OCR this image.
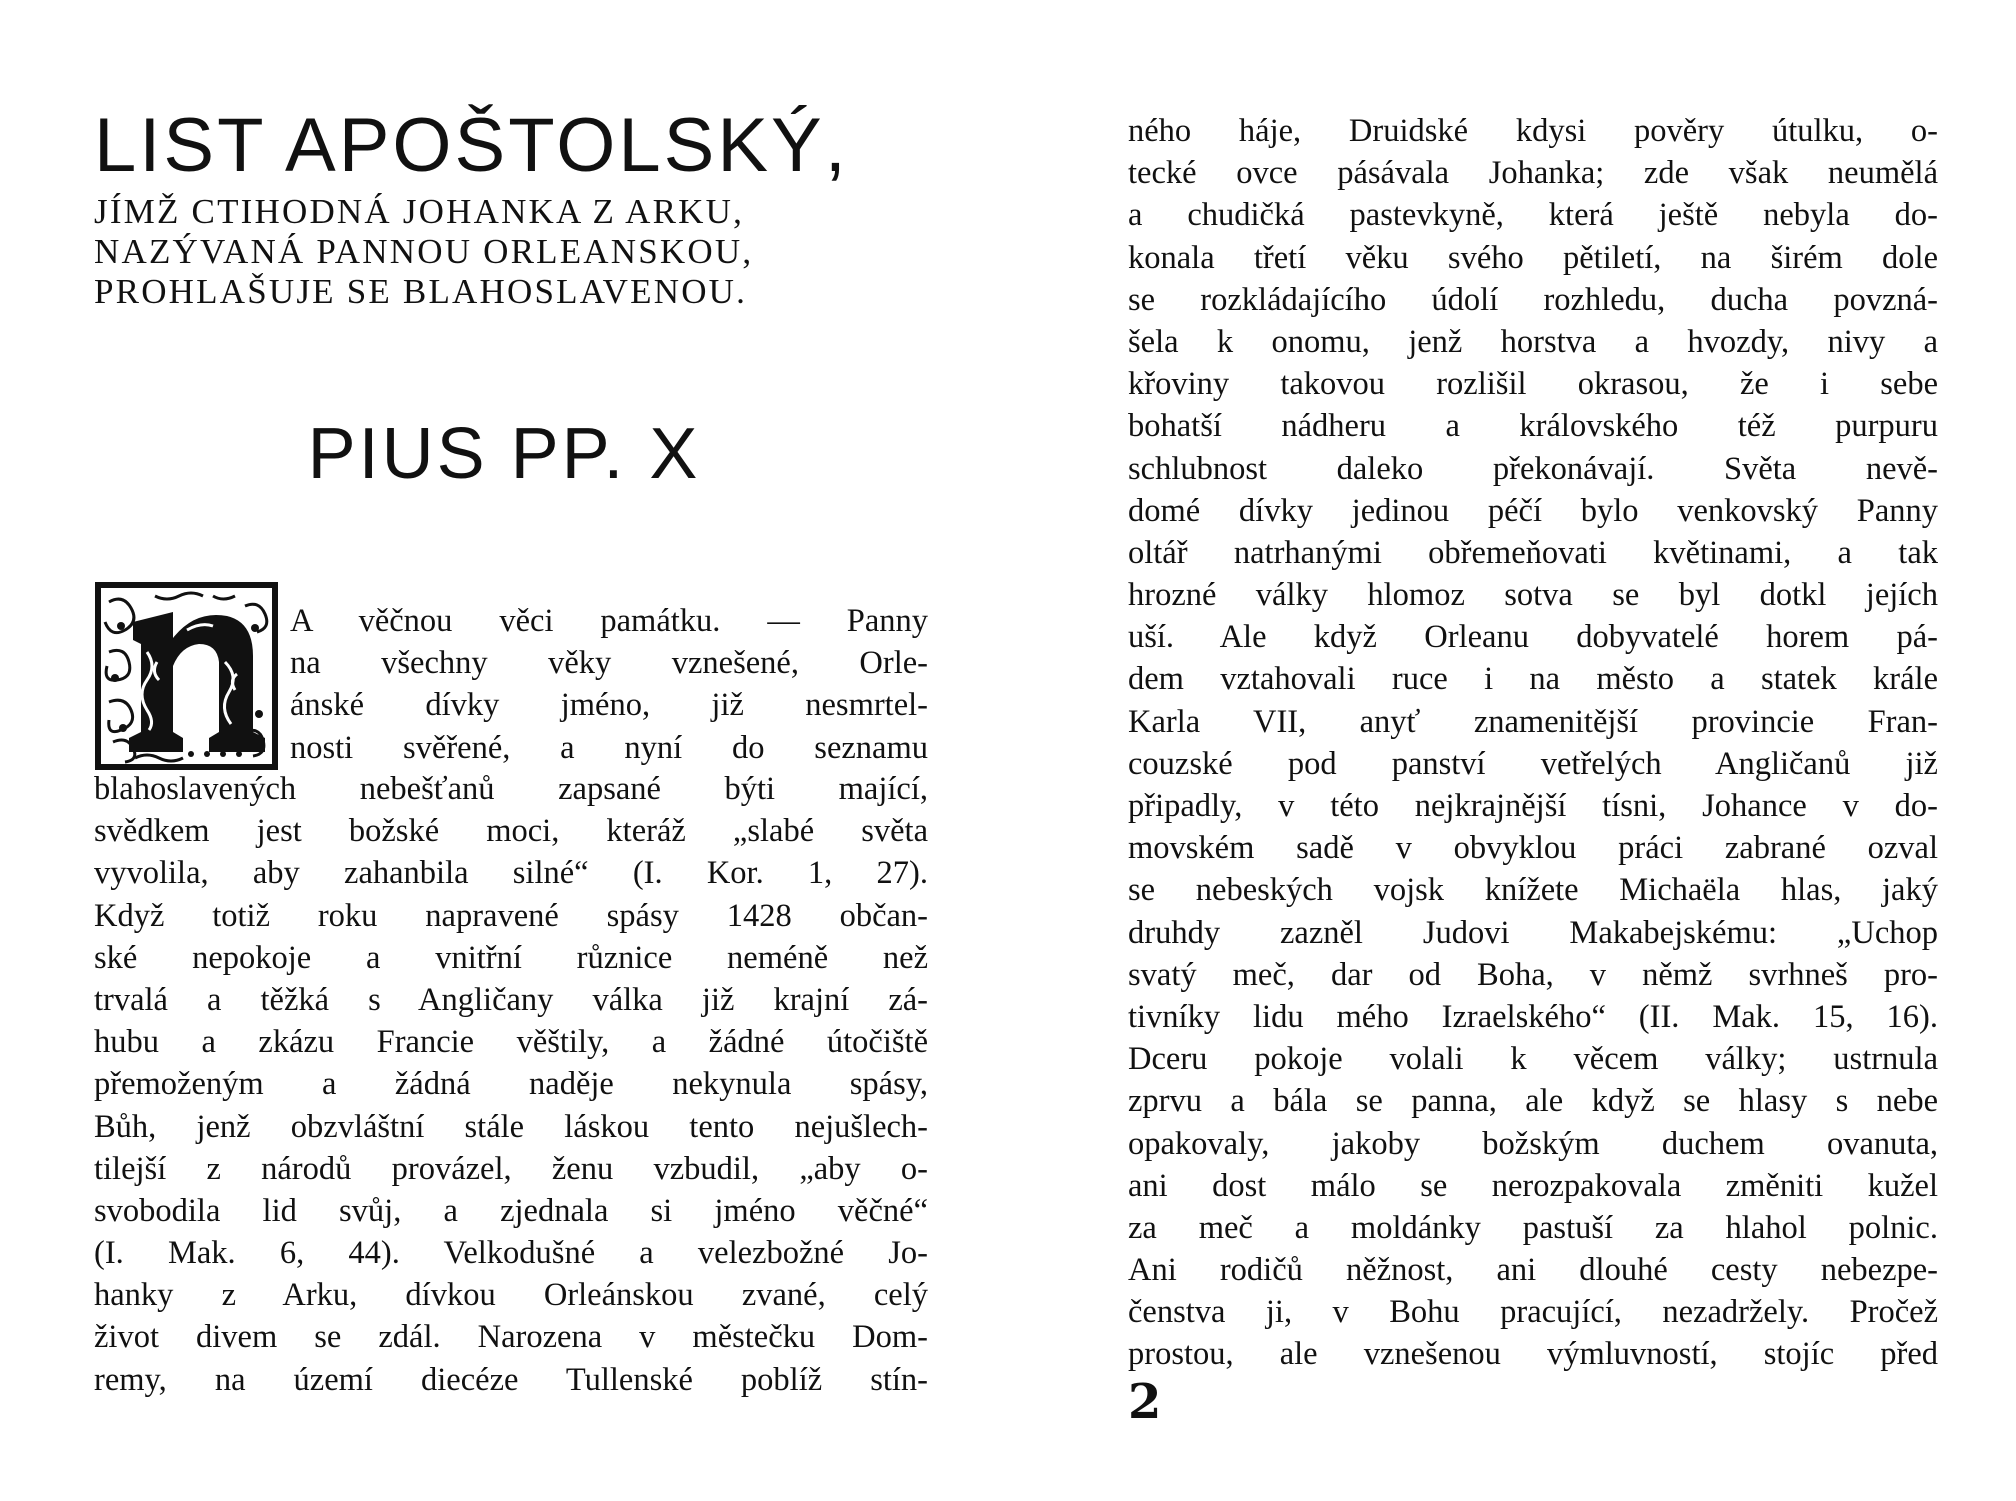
LIST APOŠTOLSKÝ,
JÍMŽ CTIHODNÁ JOHANKA Z ARKU,
NAZÝVANÁ PANNOU ORLEANSKOU,
PROHLAŠUJE SE BLAHOSLAVENOU.
PIUS PP. X
A věčnou věci památku. — Panny
na všechny věky vznešené, Orle-
ánské dívky jméno, již nesmrtel-
nosti svěřené, a nyní do seznamu
blahoslavených nebešťanů zapsané býti mající,
svědkem jest božské moci, kteráž „slabé světa
vyvolila, aby zahanbila silné“ (I. Kor. 1, 27).
Když totiž roku napravené spásy 1428 občan-
ské nepokoje a vnitřní různice neméně než
trvalá a těžká s Angličany válka již krajní zá-
hubu a zkázu Francie věštily, a žádné útočiště
přemoženým a žádná naděje nekynula spásy,
Bůh, jenž obzvláštní stále láskou tento nejušlech-
tilejší z národů provázel, ženu vzbudil, „aby o-
svobodila lid svůj, a zjednala si jméno věčné“
(I. Mak. 6, 44). Velkodušné a velezbožné Jo-
hanky z Arku, dívkou Orleánskou zvané, celý
život divem se zdál. Narozena v městečku Dom-
remy, na území diecéze Tullenské poblíž stín-
ného háje, Druidské kdysi pověry útulku, o-
tecké ovce pásávala Johanka; zde však neumělá
a chudičká pastevkyně, která ještě nebyla do-
konala třetí věku svého pětiletí, na širém dole
se rozkládajícího údolí rozhledu, ducha povzná-
šela k onomu, jenž horstva a hvozdy, nivy a
křoviny takovou rozlišil okrasou, že i sebe
bohatší nádheru a královského též purpuru
schlubnost daleko překonávají. Světa nevě-
domé dívky jedinou péčí bylo venkovský Panny
oltář natrhanými obřemeňovati květinami, a tak
hrozné války hlomoz sotva se byl dotkl jejích
uší. Ale když Orleanu dobyvatelé horem pá-
dem vztahovali ruce i na město a statek krále
Karla VII, anyť znamenitější provincie Fran-
couzské pod panství vetřelých Angličanů již
připadly, v této nejkrajnější tísni, Johance v do-
movském sadě v obvyklou práci zabrané ozval
se nebeských vojsk knížete Michaëla hlas, jaký
druhdy zazněl Judovi Makabejskému: „Uchop
svatý meč, dar od Boha, v němž svrhneš pro-
tivníky lidu mého Izraelského“ (II. Mak. 15, 16).
Dceru pokoje volali k věcem války; ustrnula
zprvu a bála se panna, ale když se hlasy s nebe
opakovaly, jakoby božským duchem ovanuta,
ani dost málo se nerozpakovala změniti kužel
za meč a moldánky pastuší za hlahol polnic.
Ani rodičů něžnost, ani dlouhé cesty nebezpe-
čenstva ji, v Bohu pracující, nezadržely. Pročež
prostou, ale vznešenou výmluvností, stojíc před
2
